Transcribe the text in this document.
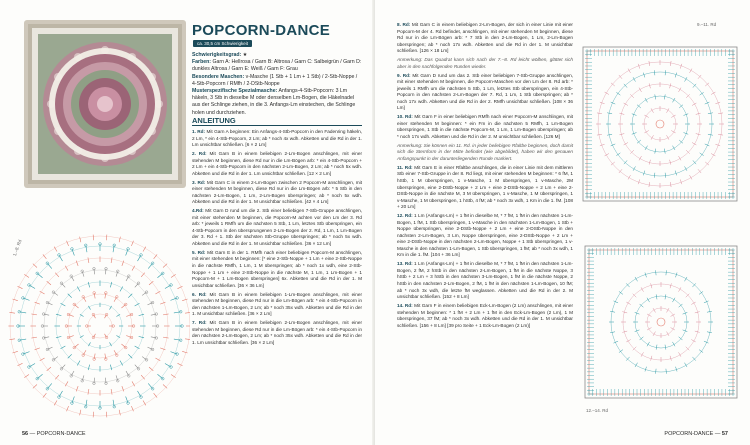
POPCORN-DANCE
ca. 30,5 cm Schwierigkeit
Schwierigkeitsgrad: ★
Farben: Garn A: Hellrosa / Garn B: Altrosa / Garn C: Salbeigrün / Garn D: dunkles Altrosa / Garn E: Weiß / Garn F: Grau
Besondere Maschen: v-Masche (1 Stb + 1 Lm + 1 Stb) / 2-Stb-Noppe / 4-Stb-Popcorn / RMfh / 2-DStb-Noppe
Musterspezifische Spezialmasche: Anfangs-4-Stb-Popcorn: 3 Lm häkeln, 3 Stb in dieselbe M oder denselben Lm-Bogen, die Häkelnadel aus der Schlinge ziehen, in die 3. Anfangs-Lm einstechen, die Schlinge holen und durchziehen.
ANLEITUNG

1. Rd: Mit Garn A beginnen: Ein Anfangs-4-Stb-Popcorn in den Fadenring häkeln, 2 Lm, * ein 4-Stb-Popcorn, 2 Lm; ab * noch 4x wdh. Abketten und die Rd in der 1. Lm unsichtbar schließen. [6 × 2 Lm]

2. Rd: Mit Garn B in einem beliebigen 2-Lm-Bogen anschlingen, mit einer stehenden M beginnen, diese Rd nur in die Lm-Bögen arb: * ein 4-Stb-Popcorn + 2 Lm + ein 4-Stb-Popcorn in den nächsten 2-Lm-Bogen, 2 Lm; ab * noch 5x wdh. Abketten und die Rd in der 1. Lm unsichtbar schließen. [12 × 2 Lm]

3. Rd: Mit Garn C in einem 2-Lm-Bogen zwischen 2 Popcorn-M anschlingen, mit einer stehenden M beginnen, diese Rd nur in die Lm-Bögen arb: * 5 Stb in den nächsten 2-Lm-Bogen, 1 Lm, 2-Lm-Bogen überspringen; ab * noch 5x wdh. Abketten und die Rd in der 1. M unsichtbar schließen. [42 × 4 Lm]

4.Rd: Mit Garn D rund um die 2. Stb einer beliebigen 7-Stb-Gruppe anschlingen, mit einer stehenden M beginnen, die Popcorn-M achten vor den Lm der 3. Rd arb: * jeweils 1 RMfh um die nächsten 5 Stb, 1 Lm, letztes Stb überspringen, ein 4-Stb-Popcorn in den übersprungenen 2-Lm-Bogen der 2. Rd, 1 Lm, 1 Lm-Bogen der 3. Rd + 1. Stb der nächsten Stb-Gruppe überspringen; ab * noch 5x wdh. Abketten und die Rd in der 1. M unsichtbar schließen. [36 × 12 Lm]

5. Rd: Mit Garn E in der 1. RMfh nach einer beliebigen Popcorn-M anschlingen, mit einer stehenden M beginnen: [* eine 2-Stb-Noppe + 1 Lm + eine 2-Stb-Noppe in die nächste RMfh, 1 Lm, 1 M überspringen; ab * noch 1x wdh, eine 2-Stb-Noppe + 1 Lm + eine 2-Stb-Noppe in die nächste M, 1 Lm, 1 Lm-Bogen + 1 Popcorn-M + 1 Lm-Bogen überspringen] 6x. Abketten und die Rd in der 1. M unsichtbar schließen. [36 × 36 Lm]

6. Rd: Mit Garn B in einem beliebigen 1-Lm-Bogen anschlingen, mit einer stehenden M beginnen, diese Rd nur in die Lm-Bögen arb: * ein 4-Stb-Popcorn in den nächsten 1-Lm-Bogen, 2 Lm; ab * noch 35x wdh. Abketten und die Rd in der 1. M unsichtbar schließen. [36 × 2 Lm]

7. Rd: Mit Garn B in einem beliebigen 2-Lm-Bogen anschlingen, mit einer stehenden M beginnen, diese Rd nur in die Lm-Bögen arb: * ein 4-Stb-Popcorn in den nächsten 2-Lm-Bogen, 2 Lm; ab * noch 35x wdh. Abketten und die Rd in der 1. Lm unsichtbar schließen. [36 × 2 Lm]

1.–8. Rd
56 — POPCORN-DANCE

8. Rd: Mit Garn C in einem beliebigen 2-Lm-Bogen, der sich in einer Linie mit einer Popcorn-M der 4. Rd befindet, anschlingen, mit einer stehenden M beginnen, diese Rd nur in die Lm-Bögen arb: * 7 Stb in den 2-Lm-Bogen, 1 Lm, 2-Lm-Bogen überspringen; ab * noch 17x wdh. Abketten und die Rd in der 1. M unsichtbar schließen. [126 × 18 Lm]

Anmerkung: Das Quadrat kann sich nach der 7.–8. Rd leicht wölben, glättet sich aber in den nachfolgenden Runden wieder.

9. Rd: Mit Garn D rund um das 2. Stb einer beliebigen 7-Stb-Gruppe anschlingen, mit einer stehenden M beginnen, die Popcorn-Maschen vor den Lm der 8. Rd arb: * jeweils 1 RMfh um die nächsten 5 Stb, 1 Lm, letztes Stb überspringen, ein 4-Stb-Popcorn in den nächsten 2-Lm-Bogen der 7. Rd, 1 Lm, 1 Stb überspringen; ab * noch 17x wdh. Abketten und die Rd in der 2. RMfh unsichtbar schließen. [108 × 36 Lm]

10. Rd: Mit Garn F in einer beliebigen RMfh nach einer Popcorn-M anschlingen, mit einer stehenden M beginnen: * ein Fm in die nächsten 5 RMfh, 1 Lm-Bogen überspringen, 1 Stb in die nächste Popcorn-M, 1 Lm, 1 Lm-Bogen überspringen; ab * noch 17x wdh. Abketten und die Rd in der 2. M unsichtbar schließen. [126 M]

Anmerkung: Sie können ein 11. Rd. in jeder beliebigen Rfaltbe beginnen, doch damit sich die Sternform in der Mitte befindet (wie abgebildet), haben wir den genauen Anfangspunkt in der darunterliegenden Runde markiert.

11. Rd: Mit Garn E in einer Rfaltbe anschlingen, die in einer Linie mit dem mittleren Stb einer 7-Stb-Gruppe in der 8. Rd liegt, mit einer stehenden M beginnen: * 6 fM, 1 hStb, 1 M überspringen, 1 v-Masche, 1 M überspringen, 1 v-Masche, 2M überspringen, eine 2-DStb-Noppe + 2 Lm + eine 2-DStb-Noppe + 2 Lm + eine 2-DStb-Noppe in die nächste M, 3 M überspringen, 1 v-Masche, 1 M überspringen, 1 v-Masche, 1 M überspringen, 1 hStb, 4 fM; ab * noch 3x wdh, 1 Km in die 1. fM. [108 + 20 Lm]

12. Rd: 1 Lm (Anfangs-Lm) + 1 fM in dieselbe M, * 7 fM, 1 fM in den nächsten 1-Lm-Bogen, 1 fM, 1 Stb überspringen, 1 v-Masche in den nächsten 1-Lm-Bogen, 1 Stb + Noppe überspringen, eine 2-DStb-Noppe + 2 Lm + eine 2-DStb-Noppe in den nächsten 2-Lm-Bogen, 3 Lm, Noppe überspringen, eine 2-DStb-Noppe + 2 Lm + eine 2-DStb-Noppe in den nächsten 2-Lm-Bogen, Noppe + 1 Stb überspringen, 1 v-Masche in den nächsten 1-Lm-Bogen, 1 Stb überspringen, 1 fM; ab * noch 3x wdh, 1 Km in die 1. fM. [104 + 36 Lm]

13. Rd: 1 Lm (Anfangs-Lm) + 1 fM in dieselbe M, * 7 fM, 1 fM in den nächsten 1-Lm-Bogen, 2 fM, 2 hStb in den nächsten 2-Lm-Bogen, 1 fM in die nächste Noppe, 3 hStb + 2 Lm + 3 hStb in den nächsten 3-Lm-Bogen, 1 fM in die nächste Noppe, 2 hStb in den nächsten 2-Lm-Bogen, 2 fM, 1 fM in den nächsten 1-Lm-Bogen, 10 fM; ab * noch 3x wdh, die letzte fM weglassen. Abketten und die Rd in der 2. M unsichtbar schließen. [152 + 8 Lm]

14. Rd: Mit Garn F in einem beliebigen Eck-Lm-Bogen (2 Lm) anschlingen, mit einer stehenden M beginnen: * 1 fM + 2 Lm + 1 fM in den Eck-Lm-Bogen (2 Lm), 1 M überspringen, 37 fM; ab * noch 3x wdh. Abketten und die Rd in der 1. M unsichtbar schließen. [156 + 8 Lm] [39 pro Seite + 1 Eck-Lm-Bogen (2 Lm)]

9.–11. Rd
12.–14. Rd
POPCORN-DANCE — 57
